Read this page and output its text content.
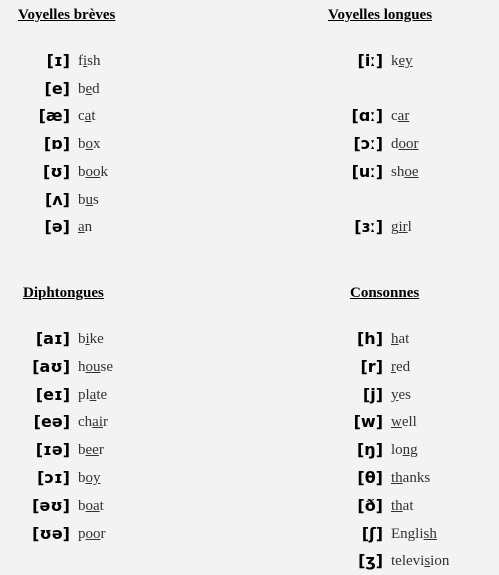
Voyelles brèves	Voyelles longues
Diphtongues	Consonnes
[ɪ] fish
[e] bed
[æ] cat
[ɒ] box
[ʊ] book
[ʌ] bus
[ə] an
[iː] key
[ɑː] car
[ɔː] door
[uː] shoe
[ɜː] girl
[aɪ] bike
[aʊ] house
[eɪ] plate
[eə] chair
[ɪə] beer
[ɔɪ] boy
[əʊ] boat
[ʊə] poor
[h] hat
[r] red
[j] yes
[w] well
[ŋ] long
[θ] thanks
[ð] that
[ʃ] English
[ʒ] television
